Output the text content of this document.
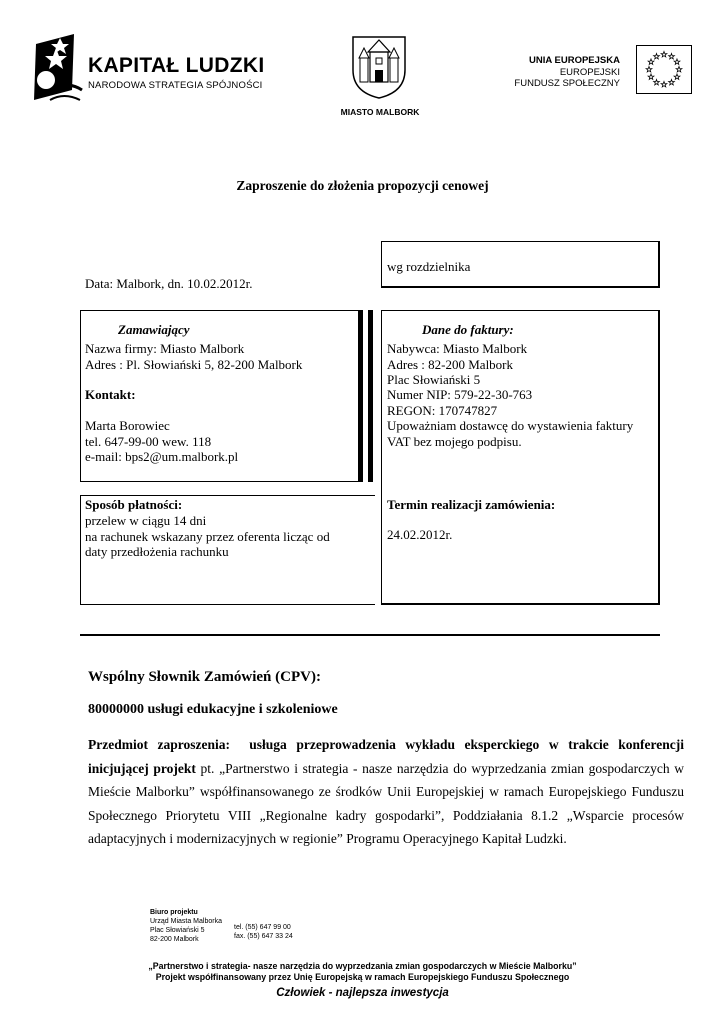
KAPITAŁ LUDZKI
NARODOWA STRATEGIA SPÓJNOŚCI
MIASTO MALBORK
UNIA EUROPEJSKA
EUROPEJSKI
FUNDUSZ SPOŁECZNY
Zaproszenie do złożenia propozycji cenowej
wg rozdzielnika
Data: Malbork, dn. 10.02.2012r.
Zamawiający
Nazwa firmy: Miasto Malbork
Adres : Pl. Słowiański 5, 82-200 Malbork
Kontakt:
Marta Borowiec
tel. 647-99-00 wew. 118
e-mail: bps2@um.malbork.pl
Dane do faktury:
Nabywca: Miasto Malbork
Adres : 82-200 Malbork
Plac Słowiański 5
Numer NIP: 579-22-30-763
REGON: 170747827
Upoważniam dostawcę do wystawienia faktury
VAT bez mojego podpisu.
Termin realizacji zamówienia:
24.02.2012r.
Sposób płatności:
przelew w ciągu 14 dni
na rachunek wskazany przez oferenta licząc od
daty przedłożenia rachunku
Wspólny Słownik Zamówień (CPV):
80000000 usługi edukacyjne i szkoleniowe
Przedmiot zaproszenia: usługa przeprowadzenia wykładu eksperckiego w trakcie konferencji inicjującej projekt pt. „Partnerstwo i strategia - nasze narzędzia do wyprzedzania zmian gospodarczych w Mieście Malborku” współfinansowanego ze środków Unii Europejskiej w ramach Europejskiego Funduszu Społecznego Priorytetu VIII „Regionalne kadry gospodarki”, Poddziałania 8.1.2 „Wsparcie procesów adaptacyjnych i modernizacyjnych w regionie” Programu Operacyjnego Kapitał Ludzki.
Biuro projektu
Urząd Miasta Malborka
Plac Słowiański 5
82-200 Malbork
tel. (55) 647 99 00
fax. (55) 647 33 24
„Partnerstwo i strategia- nasze narzędzia do wyprzedzania zmian gospodarczych w Mieście Malborku”
Projekt współfinansowany przez Unię Europejską w ramach Europejskiego Funduszu Społecznego
Człowiek - najlepsza inwestycja
